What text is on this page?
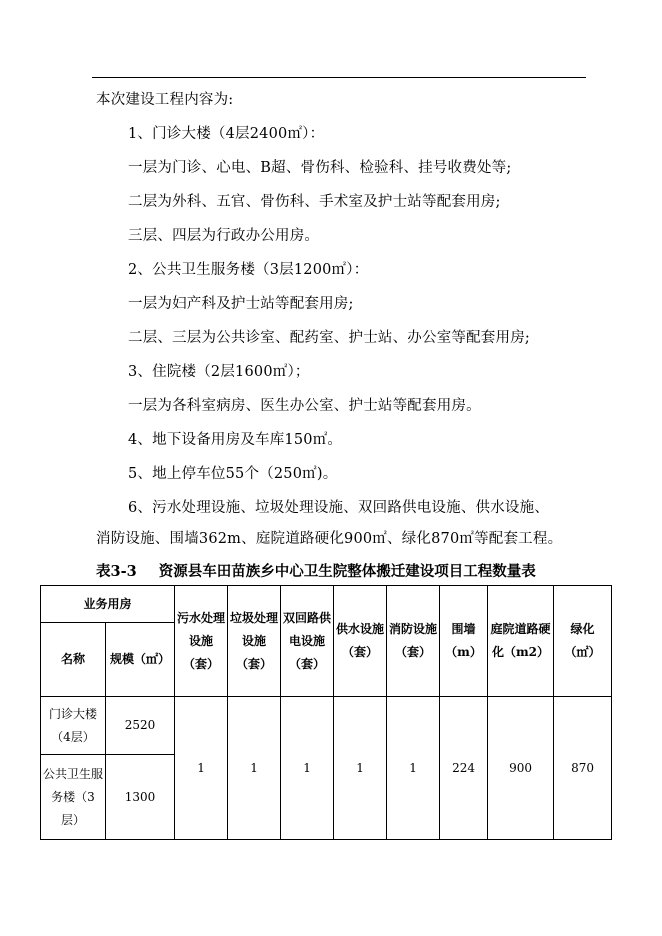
本次建设工程内容为:
1、门诊大楼（4层2400㎡）：
一层为门诊、心电、B超、骨伤科、检验科、挂号收费处等;
二层为外科、五官、骨伤科、手术室及护士站等配套用房;
三层、四层为行政办公用房。
2、公共卫生服务楼（3层1200㎡）：
一层为妇产科及护士站等配套用房;
二层、三层为公共诊室、配药室、护士站、办公室等配套用房;
3、住院楼（2层1600㎡）；
一层为各科室病房、医生办公室、护士站等配套用房。
4、地下设备用房及车库150㎡。
5、地上停车位55个（250㎡)。
6、污水处理设施、垃圾处理设施、双回路供电设施、供水设施、
消防设施、围墙362m、庭院道路硬化900㎡、绿化870㎡等配套工程。
表3-3 资源县车田苗族乡中心卫生院整体搬迁建设项目工程数量表
业务用房		污水处理设施（套）	垃圾处理设施（套）	双回路供电设施（套）	供水设施（套）	消防设施（套）	围墙（m）	庭院道路硬化（m2）	绿化（㎡）
名称	规模（㎡）								
门诊大楼（4层）	2520	1	1	1	1	1	224	900	870
公共卫生服务楼（3层）	1300								
